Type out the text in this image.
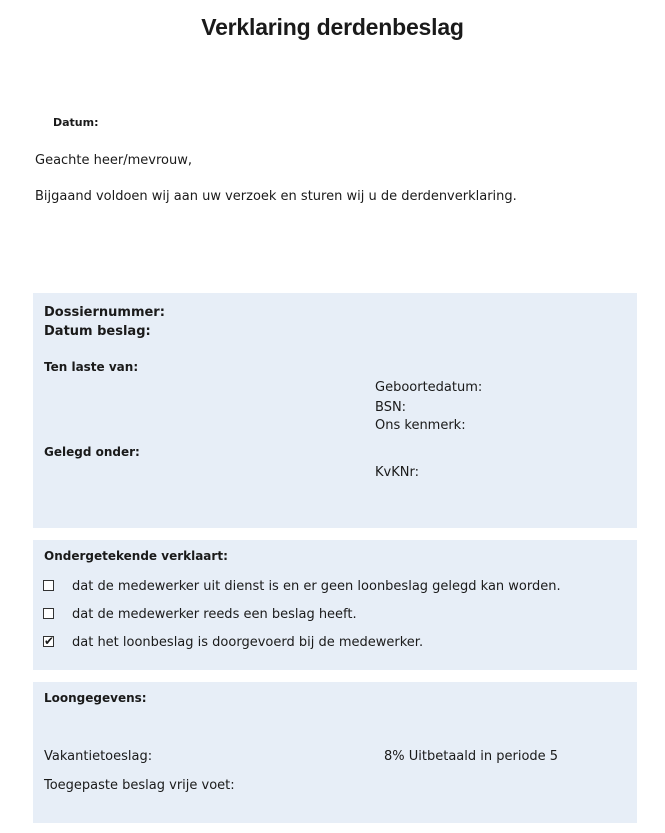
Verklaring derdenbeslag
Datum:
Geachte heer/mevrouw,
Bijgaand voldoen wij aan uw verzoek en sturen wij u de derdenverklaring.
Dossiernummer:
Datum beslag:
Ten laste van:
Geboortedatum:
BSN:
Ons kenmerk:
Gelegd onder:
KvKNr:
Ondergetekende verklaart:
dat de medewerker uit dienst is en er geen loonbeslag gelegd kan worden.
dat de medewerker reeds een beslag heeft.
✔ dat het loonbeslag is doorgevoerd bij de medewerker.
Loongegevens:
Vakantietoeslag:	8% Uitbetaald in periode 5
Toegepaste beslag vrije voet:
